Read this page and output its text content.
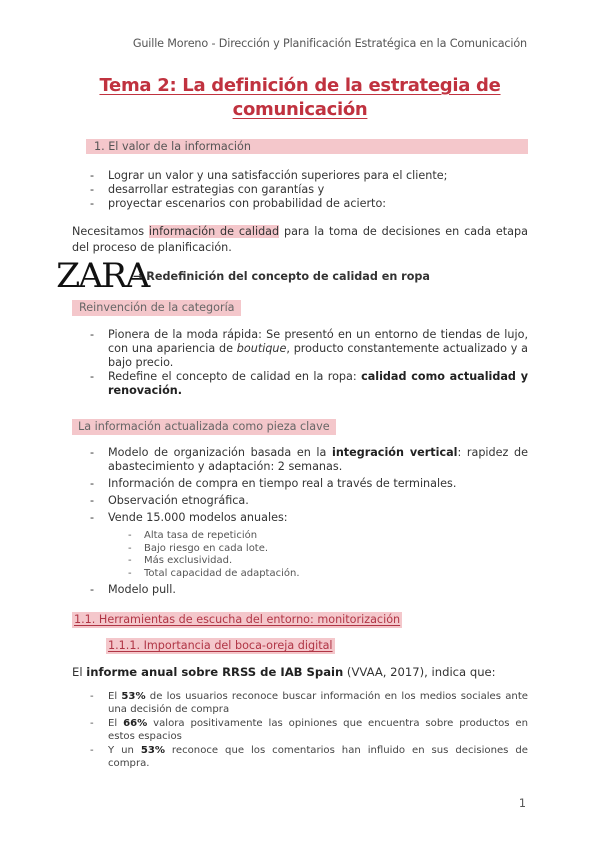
Guille Moreno - Dirección y Planificación Estratégica en la Comunicación
Tema 2: La definición de la estrategia de
comunicación
1. El valor de la información
- Lograr un valor y una satisfacción superiores para el cliente;
- desarrollar estrategias con garantías y
- proyectar escenarios con probabilidad de acierto:
Necesitamos información de calidad para la toma de decisiones en cada etapa del proceso de planificación.
ZARA
→ Redefinición del concepto de calidad en ropa
Reinvención de la categoría
- Pionera de la moda rápida: Se presentó en un entorno de tiendas de lujo, con una apariencia de boutique, producto constantemente actualizado y a bajo precio.
- Redefine el concepto de calidad en la ropa: calidad como actualidad y renovación.
La información actualizada como pieza clave
- Modelo de organización basada en la integración vertical: rapidez de abastecimiento y adaptación: 2 semanas.
- Información de compra en tiempo real a través de terminales.
- Observación etnográfica.
- Vende 15.000 modelos anuales:
- Alta tasa de repetición
- Bajo riesgo en cada lote.
- Más exclusividad.
- Total capacidad de adaptación.
- Modelo pull.
1.1. Herramientas de escucha del entorno: monitorización
1.1.1. Importancia del boca-oreja digital
El informe anual sobre RRSS de IAB Spain (VVAA, 2017), indica que:
- El 53% de los usuarios reconoce buscar información en los medios sociales ante una decisión de compra
- El 66% valora positivamente las opiniones que encuentra sobre productos en estos espacios
- Y un 53% reconoce que los comentarios han influido en sus decisiones de compra.
1
